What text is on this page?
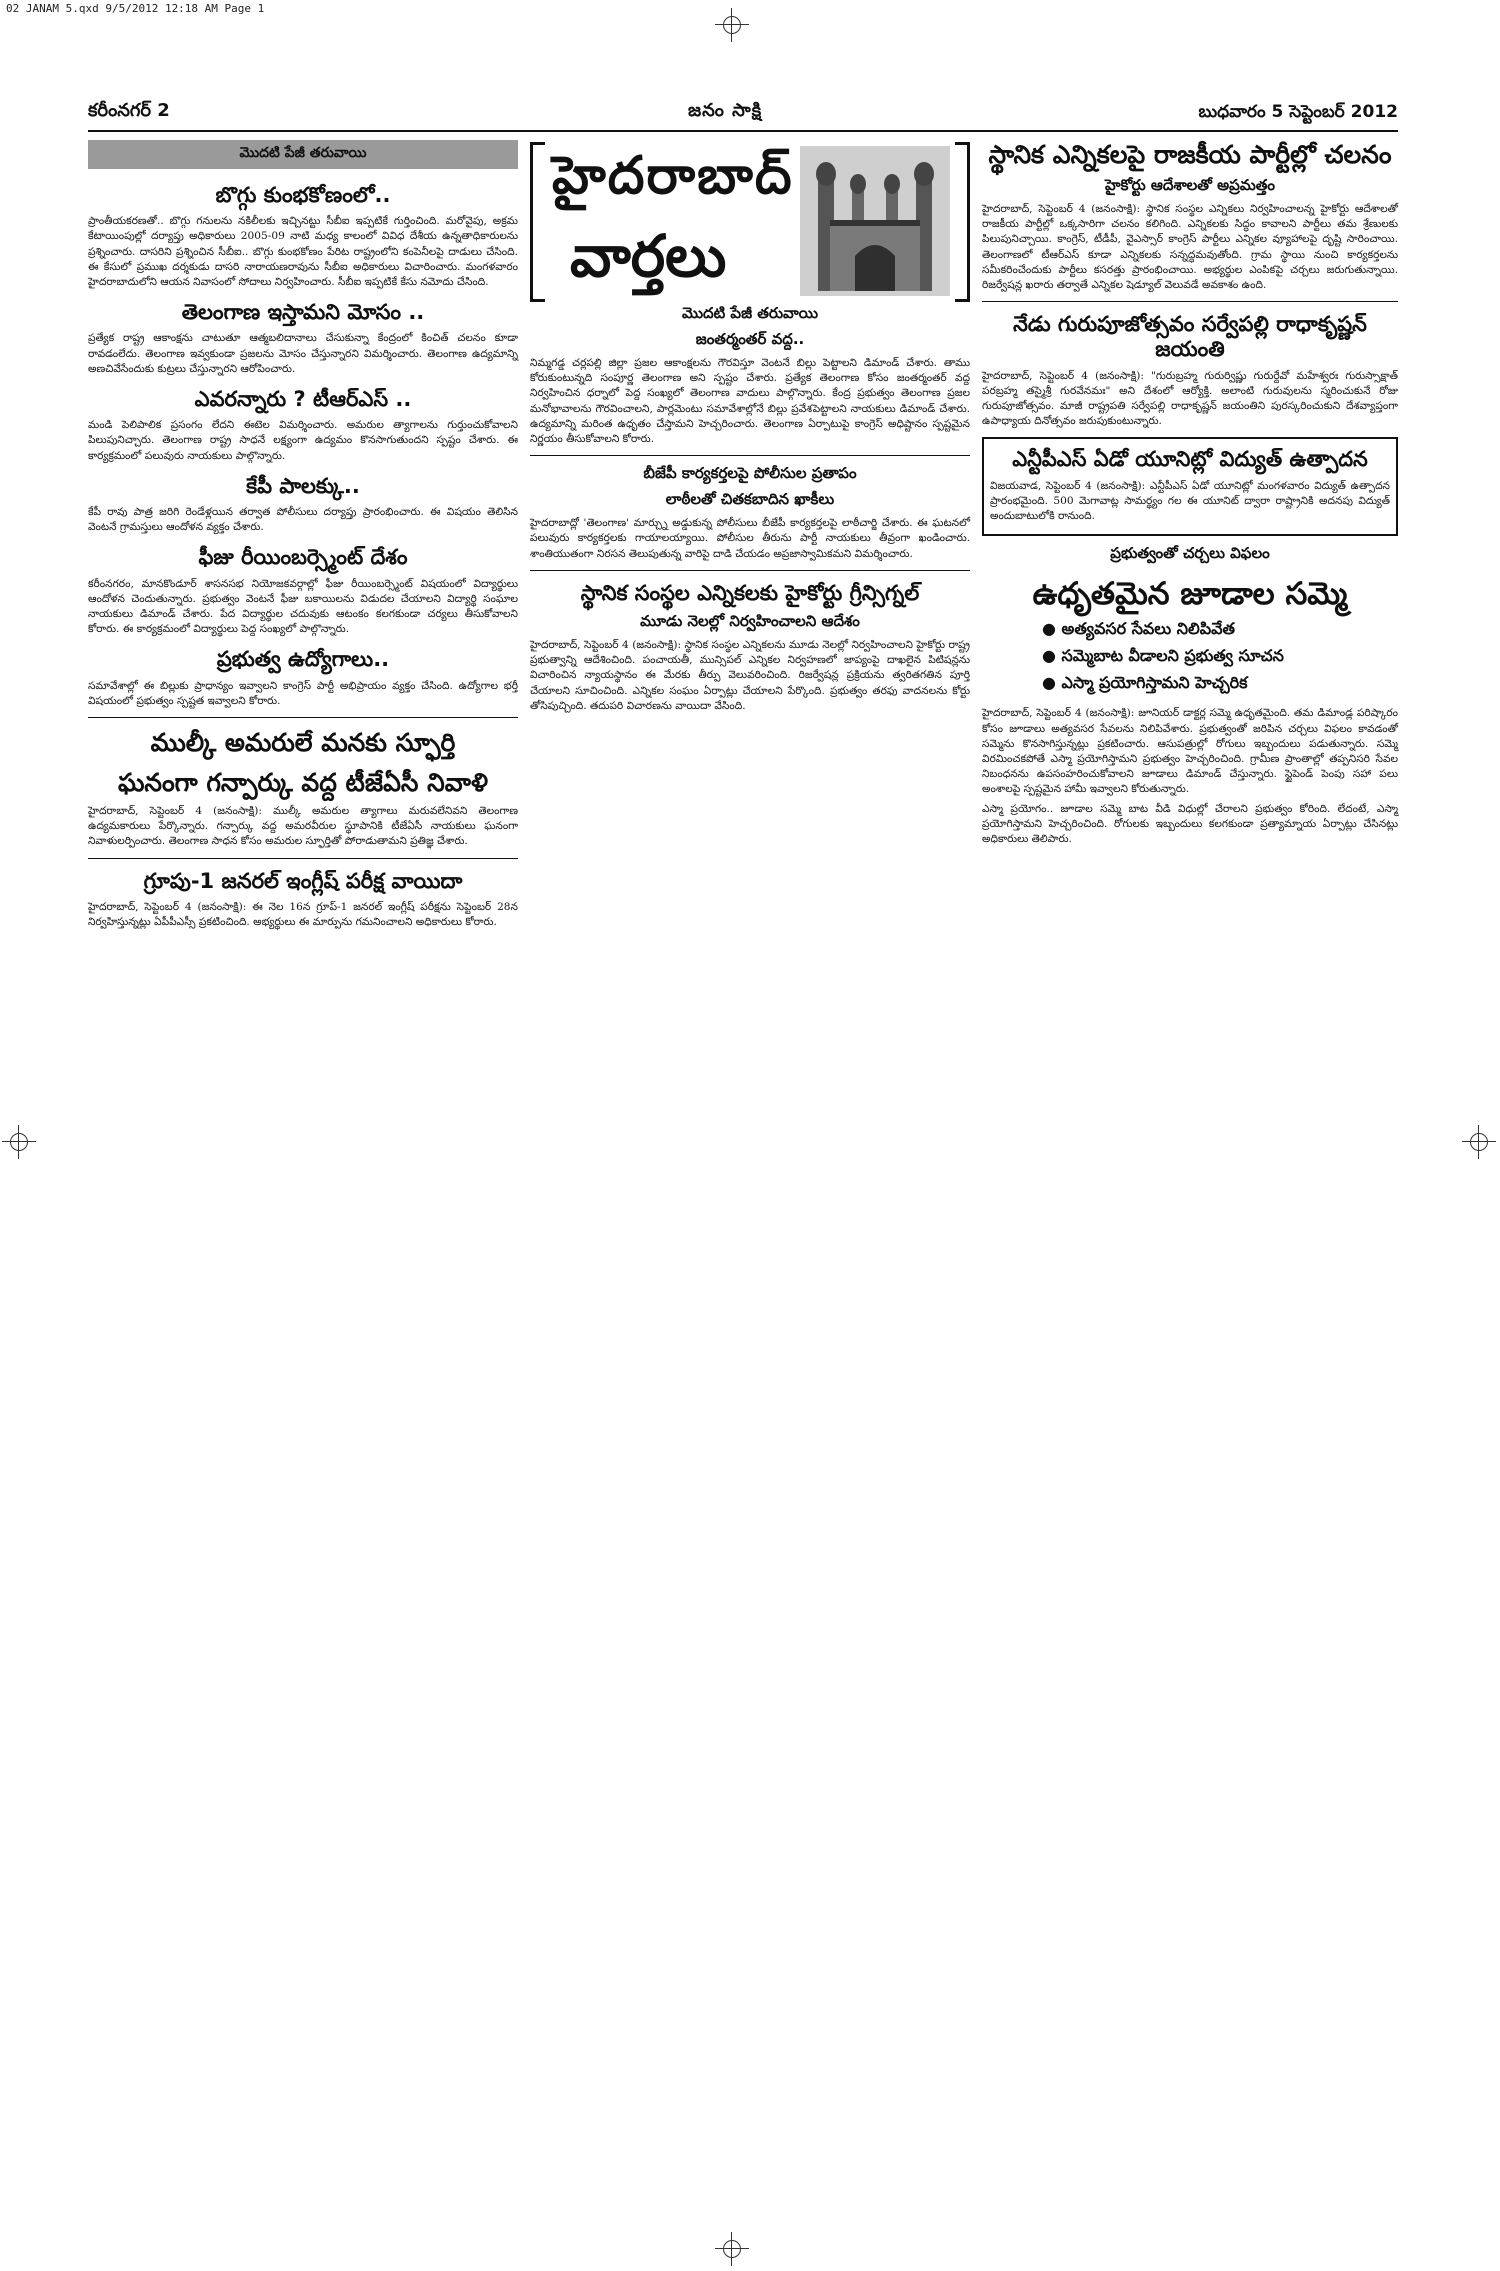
02 JANAM 5.qxd 9/5/2012 12:18 AM Page 1
కరీంనగర్ 2	జనం సాక్షి	బుధవారం 5 సెప్టెంబర్ 2012
మొదటి పేజీ తరువాయి
బొగ్గు కుంభకోణంలో..

ప్రాంతీయకరణతో.. బొగ్గు గనులను నకిలీలకు ఇచ్చినట్టు సీబీఐ ఇప్పటికే గుర్తించింది. మరోవైపు, అక్రమ కేటాయింపుల్లో దర్యాప్తు అధికారులు 2005-09 నాటి మధ్య కాలంలో వివిధ దేశీయ ఉన్నతాధికారులను ప్రశ్నించారు. దాసరిని ప్రశ్నించిన సీబీఐ.. బొగ్గు కుంభకోణం పేరిట రాష్ట్రంలోని కంపెనీలపై దాడులు చేసింది. ఈ కేసులో ప్రముఖ దర్శకుడు దాసరి నారాయణరావును సీబీఐ అధికారులు విచారించారు. మంగళవారం హైదరాబాదులోని ఆయన నివాసంలో సోదాలు నిర్వహించారు. సీబీఐ ఇప్పటికే కేసు నమోదు చేసింది.

తెలంగాణ ఇస్తామని మోసం ..

ప్రత్యేక రాష్ట్ర ఆకాంక్షను చాటుతూ ఆత్మబలిదానాలు చేసుకున్నా కేంద్రంలో కించిత్ చలనం కూడా రావడంలేదు. తెలంగాణ ఇవ్వకుండా ప్రజలను మోసం చేస్తున్నారని విమర్శించారు. తెలంగాణ ఉద్యమాన్ని అణచివేసేందుకు కుట్రలు చేస్తున్నారని ఆరోపించారు.

ఎవరన్నారు ? టీఆర్ఎస్ ..

మండి పెలిపాలిక ప్రసంగం లేదని ఈటెల విమర్శించారు. అమరుల త్యాగాలను గుర్తుంచుకోవాలని పిలుపునిచ్చారు. తెలంగాణ రాష్ట్ర సాధనే లక్ష్యంగా ఉద్యమం కొనసాగుతుందని స్పష్టం చేశారు. ఈ కార్యక్రమంలో పలువురు నాయకులు పాల్గొన్నారు.

కేపీ పాలక్కు..

కేపీ రావు పాత్ర జరిగి రెండేళ్లయిన తర్వాత పోలీసులు దర్యాప్తు ప్రారంభించారు. ఈ విషయం తెలిసిన వెంటనే గ్రామస్తులు ఆందోళన వ్యక్తం చేశారు.

ఫీజు రీయింబర్స్మెంట్ దేశం

కరీంనగరం, మానకొండూర్ శాసనసభ నియోజకవర్గాల్లో ఫీజు రీయింబర్స్మెంట్ విషయంలో విద్యార్థులు ఆందోళన చెందుతున్నారు. ప్రభుత్వం వెంటనే ఫీజు బకాయిలను విడుదల చేయాలని విద్యార్థి సంఘాల నాయకులు డిమాండ్ చేశారు. పేద విద్యార్థుల చదువుకు ఆటంకం కలగకుండా చర్యలు తీసుకోవాలని కోరారు. ఈ కార్యక్రమంలో విద్యార్థులు పెద్ద సంఖ్యలో పాల్గొన్నారు.

ప్రభుత్వ ఉద్యోగాలు..

సమావేశాల్లో ఈ బిల్లుకు ప్రాధాన్యం ఇవ్వాలని కాంగ్రెస్ పార్టీ అభిప్రాయం వ్యక్తం చేసింది. ఉద్యోగాల భర్తీ విషయంలో ప్రభుత్వం స్పష్టత ఇవ్వాలని కోరారు.

ముల్కీ అమరులే మనకు స్ఫూర్తి
ఘనంగా గన్పార్కు వద్ద టీజేఏసీ నివాళి

హైదరాబాద్, సెప్టెంబర్ 4 (జనంసాక్షి): ముల్కీ అమరుల త్యాగాలు మరువలేనివని తెలంగాణ ఉద్యమకారులు పేర్కొన్నారు. గన్పార్కు వద్ద అమరవీరుల స్థూపానికి టీజేఏసీ నాయకులు ఘనంగా నివాళులర్పించారు. తెలంగాణ సాధన కోసం అమరుల స్ఫూర్తితో పోరాడుతామని ప్రతిజ్ఞ చేశారు.

గ్రూపు-1 జనరల్ ఇంగ్లీష్ పరీక్ష వాయిదా

హైదరాబాద్, సెప్టెంబర్ 4 (జనంసాక్షి): ఈ నెల 16న గ్రూప్-1 జనరల్ ఇంగ్లీష్ పరీక్షను సెప్టెంబర్ 28న నిర్వహిస్తున్నట్లు ఏపీపీఎస్సీ ప్రకటించింది. అభ్యర్థులు ఈ మార్పును గమనించాలని అధికారులు కోరారు.

హైదరాబాద్
వార్తలు
మొదటి పేజీ తరువాయి
జంతర్మంతర్ వద్ద..

నిమ్మగడ్డ చర్లపల్లి జిల్లా ప్రజల ఆకాంక్షలను గౌరవిస్తూ వెంటనే బిల్లు పెట్టాలని డిమాండ్ చేశారు. తాము కోరుకుంటున్నది సంపూర్ణ తెలంగాణ అని స్పష్టం చేశారు. ప్రత్యేక తెలంగాణ కోసం జంతర్మంతర్ వద్ద నిర్వహించిన ధర్నాలో పెద్ద సంఖ్యలో తెలంగాణ వాదులు పాల్గొన్నారు. కేంద్ర ప్రభుత్వం తెలంగాణ ప్రజల మనోభావాలను గౌరవించాలని, పార్లమెంటు సమావేశాల్లోనే బిల్లు ప్రవేశపెట్టాలని నాయకులు డిమాండ్ చేశారు. ఉద్యమాన్ని మరింత ఉధృతం చేస్తామని హెచ్చరించారు. తెలంగాణ ఏర్పాటుపై కాంగ్రెస్ అధిష్టానం స్పష్టమైన నిర్ణయం తీసుకోవాలని కోరారు.

బీజేపీ కార్యకర్తలపై పోలీసుల ప్రతాపం
లాఠీలతో చితకబాదిన ఖాకీలు

హైదరాబాద్లో 'తెలంగాణ' మార్చ్ను అడ్డుకున్న పోలీసులు బీజేపీ కార్యకర్తలపై లాఠీచార్జి చేశారు. ఈ ఘటనలో పలువురు కార్యకర్తలకు గాయాలయ్యాయి. పోలీసుల తీరును పార్టీ నాయకులు తీవ్రంగా ఖండించారు. శాంతియుతంగా నిరసన తెలుపుతున్న వారిపై దాడి చేయడం అప్రజాస్వామికమని విమర్శించారు.

స్థానిక సంస్థల ఎన్నికలకు హైకోర్టు గ్రీన్సిగ్నల్
మూడు నెలల్లో నిర్వహించాలని ఆదేశం

హైదరాబాద్, సెప్టెంబర్ 4 (జనంసాక్షి): స్థానిక సంస్థల ఎన్నికలను మూడు నెలల్లో నిర్వహించాలని హైకోర్టు రాష్ట్ర ప్రభుత్వాన్ని ఆదేశించింది. పంచాయతీ, మున్సిపల్ ఎన్నికల నిర్వహణలో జాప్యంపై దాఖలైన పిటిషన్లను విచారించిన న్యాయస్థానం ఈ మేరకు తీర్పు వెలువరించింది. రిజర్వేషన్ల ప్రక్రియను త్వరితగతిన పూర్తి చేయాలని సూచించింది. ఎన్నికల సంఘం ఏర్పాట్లు చేయాలని పేర్కొంది. ప్రభుత్వం తరఫు వాదనలను కోర్టు తోసిపుచ్చింది. తదుపరి విచారణను వాయిదా వేసింది.

స్థానిక ఎన్నికలపై రాజకీయ పార్టీల్లో చలనం
హైకోర్టు ఆదేశాలతో అప్రమత్తం

హైదరాబాద్, సెప్టెంబర్ 4 (జనంసాక్షి): స్థానిక సంస్థల ఎన్నికలు నిర్వహించాలన్న హైకోర్టు ఆదేశాలతో రాజకీయ పార్టీల్లో ఒక్కసారిగా చలనం కలిగింది. ఎన్నికలకు సిద్ధం కావాలని పార్టీలు తమ శ్రేణులకు పిలుపునిచ్చాయి. కాంగ్రెస్, టీడీపీ, వైఎస్సార్ కాంగ్రెస్ పార్టీలు ఎన్నికల వ్యూహాలపై దృష్టి సారించాయి. తెలంగాణలో టీఆర్ఎస్ కూడా ఎన్నికలకు సన్నద్ధమవుతోంది. గ్రామ స్థాయి నుంచి కార్యకర్తలను సమీకరించేందుకు పార్టీలు కసరత్తు ప్రారంభించాయి. అభ్యర్థుల ఎంపికపై చర్చలు జరుగుతున్నాయి. రిజర్వేషన్ల ఖరారు తర్వాతే ఎన్నికల షెడ్యూల్ వెలువడే అవకాశం ఉంది.

నేడు గురుపూజోత్సవం సర్వేపల్లి రాధాకృష్ణన్ జయంతి

హైదరాబాద్, సెప్టెంబర్ 4 (జనంసాక్షి): "గురుబ్రహ్మ గురుర్విష్ణు గురుర్దేవో మహేశ్వరః గురుస్సాక్షాత్ పరబ్రహ్మ తస్మైశ్రీ గురవేనమః" అని దేశంలో ఆర్యోక్తి. అలాంటి గురువులను స్మరించుకునే రోజు గురుపూజోత్సవం. మాజీ రాష్ట్రపతి సర్వేపల్లి రాధాకృష్ణన్ జయంతిని పురస్కరించుకుని దేశవ్యాప్తంగా ఉపాధ్యాయ దినోత్సవం జరుపుకుంటున్నారు.

ఎన్టీపీఎస్ ఏడో యూనిట్లో విద్యుత్ ఉత్పాదన

విజయవాడ, సెప్టెంబర్ 4 (జనంసాక్షి): ఎన్టీపీఎస్ ఏడో యూనిట్లో మంగళవారం విద్యుత్ ఉత్పాదన ప్రారంభమైంది. 500 మెగావాట్ల సామర్థ్యం గల ఈ యూనిట్ ద్వారా రాష్ట్రానికి అదనపు విద్యుత్ అందుబాటులోకి రానుంది.

ప్రభుత్వంతో చర్చలు విఫలం
ఉధృతమైన జూడాల సమ్మె
● అత్యవసర సేవలు నిలిపివేత
● సమ్మెబాట వీడాలని ప్రభుత్వ సూచన
● ఎస్మా ప్రయోగిస్తామని హెచ్చరిక

హైదరాబాద్, సెప్టెంబర్ 4 (జనంసాక్షి): జూనియర్ డాక్టర్ల సమ్మె ఉధృతమైంది. తమ డిమాండ్ల పరిష్కారం కోసం జూడాలు అత్యవసర సేవలను నిలిపివేశారు. ప్రభుత్వంతో జరిపిన చర్చలు విఫలం కావడంతో సమ్మెను కొనసాగిస్తున్నట్లు ప్రకటించారు. ఆసుపత్రుల్లో రోగులు ఇబ్బందులు పడుతున్నారు. సమ్మె విరమించకపోతే ఎస్మా ప్రయోగిస్తామని ప్రభుత్వం హెచ్చరించింది. గ్రామీణ ప్రాంతాల్లో తప్పనిసరి సేవల నిబంధనను ఉపసంహరించుకోవాలని జూడాలు డిమాండ్ చేస్తున్నారు. స్టైపెండ్ పెంపు సహా పలు అంశాలపై స్పష్టమైన హామీ ఇవ్వాలని కోరుతున్నారు.

ఎస్మా ప్రయోగం.. జూడాల సమ్మె బాట వీడి విధుల్లో చేరాలని ప్రభుత్వం కోరింది. లేదంటే, ఎస్మా ప్రయోగిస్తామని హెచ్చరించింది. రోగులకు ఇబ్బందులు కలగకుండా ప్రత్యామ్నాయ ఏర్పాట్లు చేసినట్లు అధికారులు తెలిపారు.
